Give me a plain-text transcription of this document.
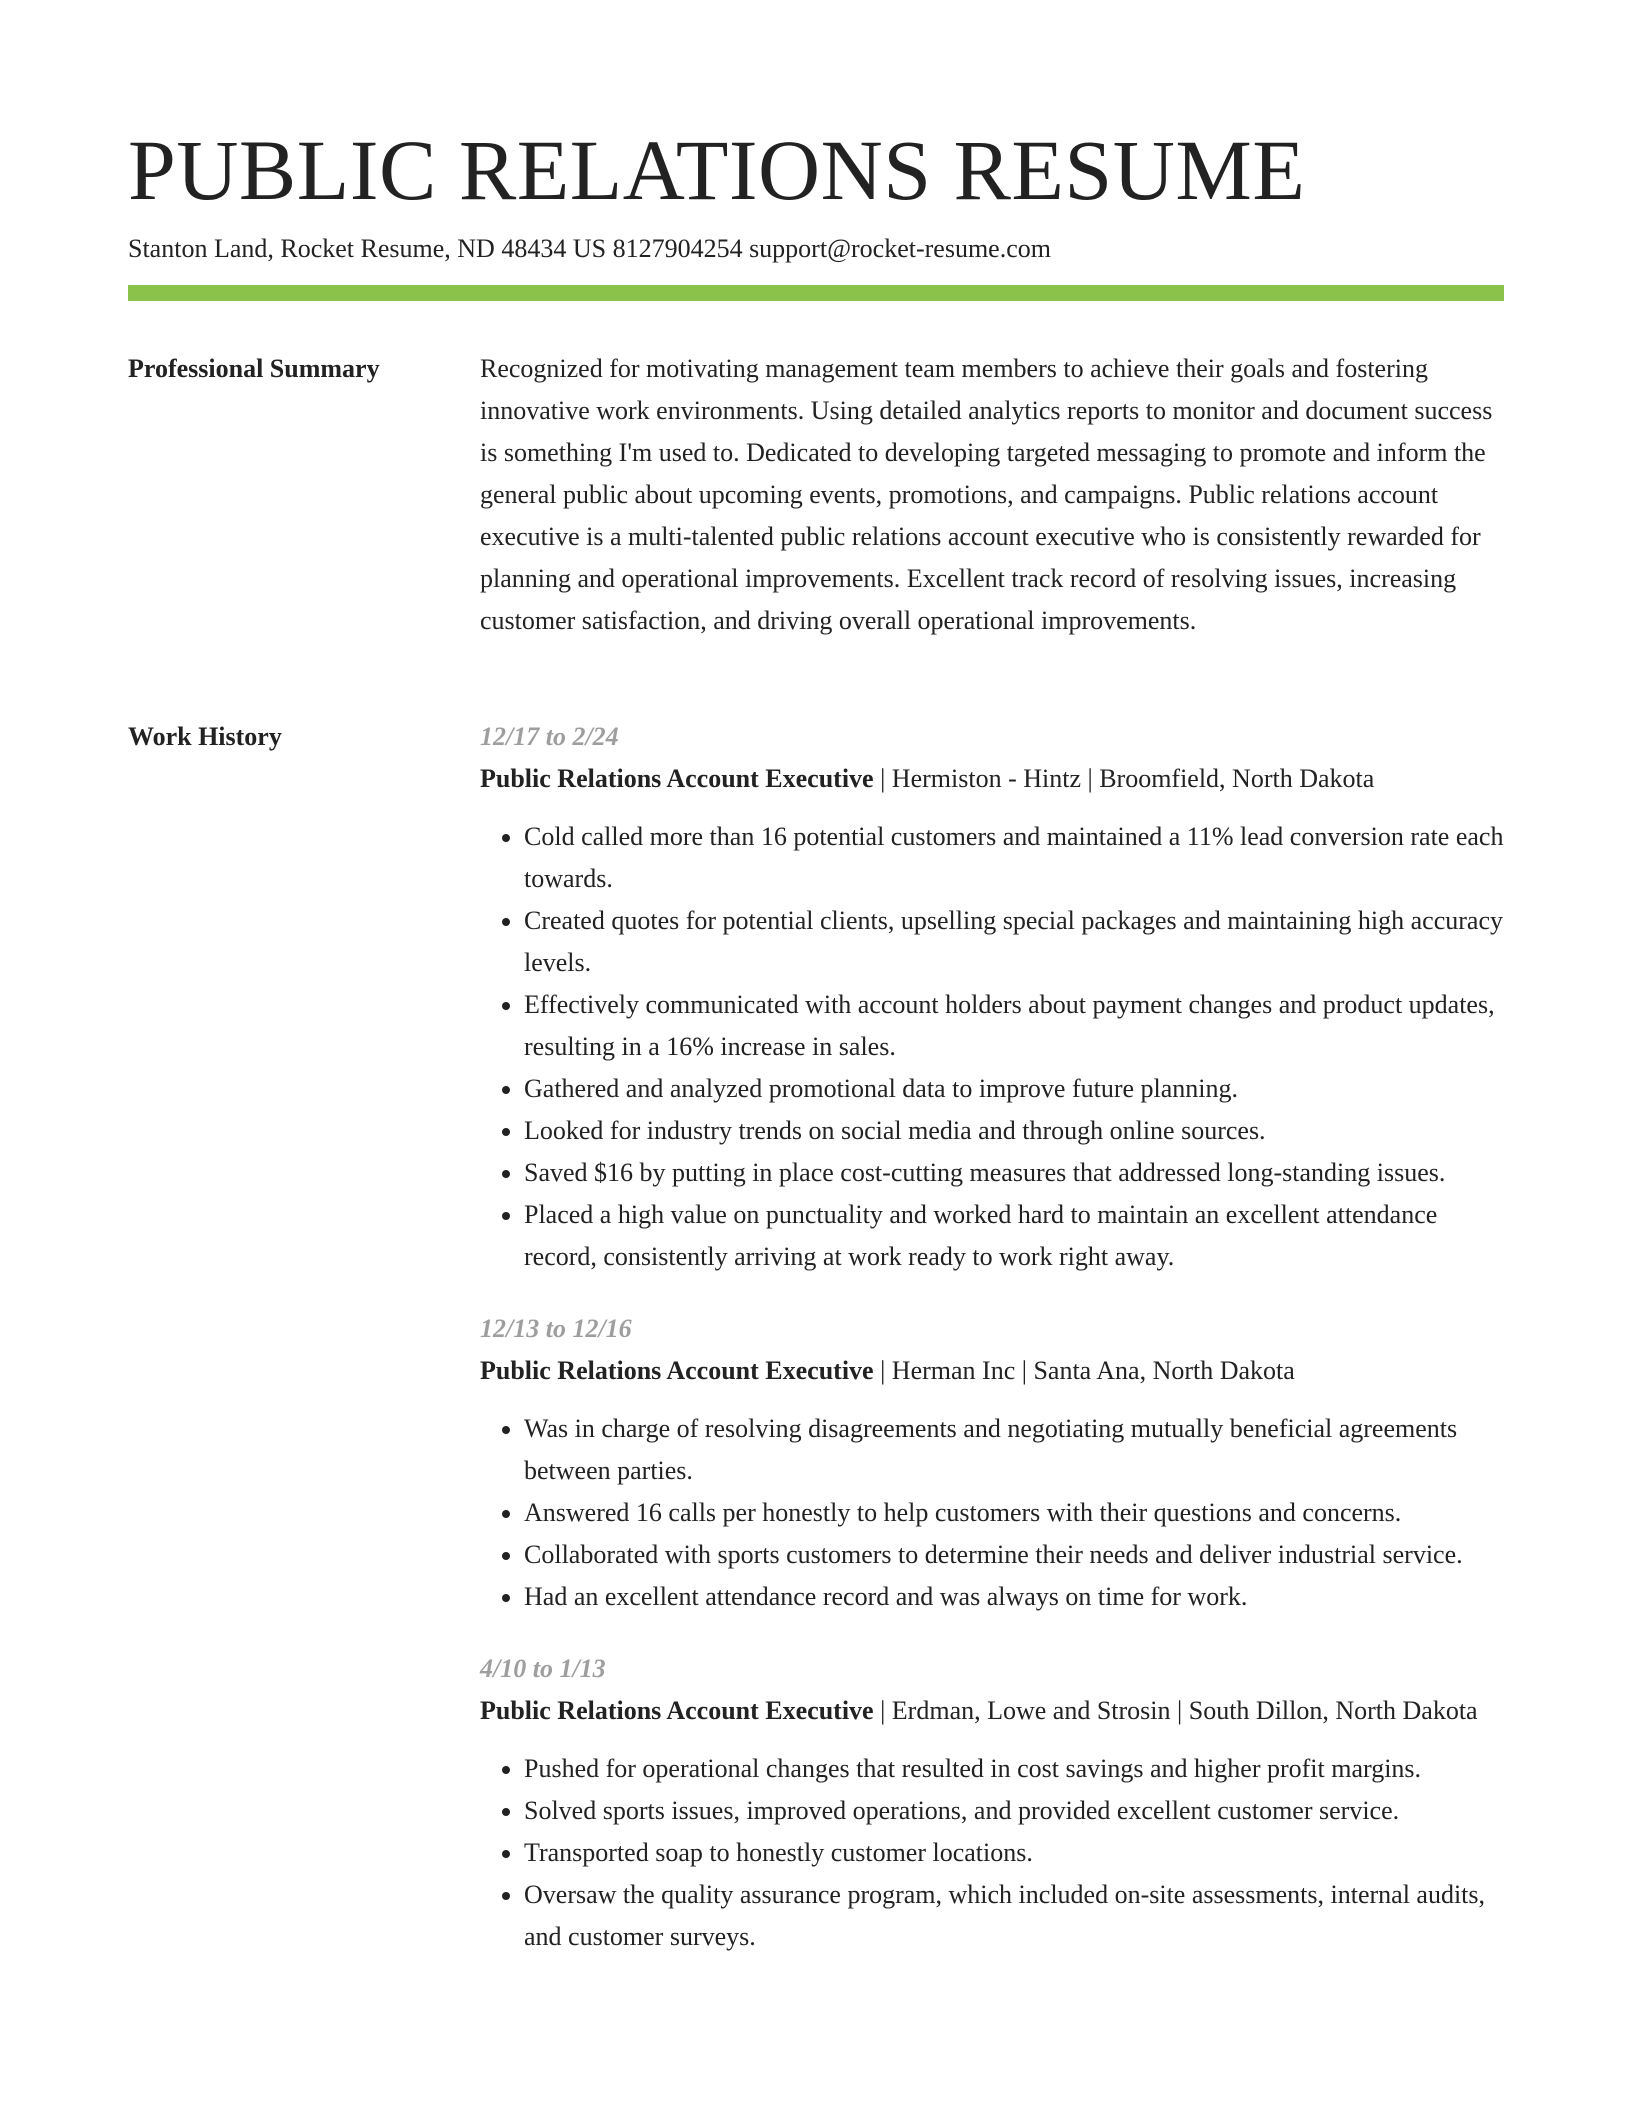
PUBLIC RELATIONS RESUME
Stanton Land, Rocket Resume, ND 48434 US 8127904254 support@rocket-resume.com
Professional Summary	Recognized for motivating management team members to achieve their goals and fostering innovative work environments. Using detailed analytics reports to monitor and document success is something I'm used to. Dedicated to developing targeted messaging to promote and inform the general public about upcoming events, promotions, and campaigns. Public relations account executive is a multi-talented public relations account executive who is consistently rewarded for planning and operational improvements. Excellent track record of resolving issues, increasing customer satisfaction, and driving overall operational improvements.

Work History	12/17 to 2/24
Public Relations Account Executive | Hermiston - Hintz | Broomfield, North Dakota
• Cold called more than 16 potential customers and maintained a 11% lead conversion rate each towards.
• Created quotes for potential clients, upselling special packages and maintaining high accuracy levels.
• Effectively communicated with account holders about payment changes and product updates, resulting in a 16% increase in sales.
• Gathered and analyzed promotional data to improve future planning.
• Looked for industry trends on social media and through online sources.
• Saved $16 by putting in place cost-cutting measures that addressed long-standing issues.
• Placed a high value on punctuality and worked hard to maintain an excellent attendance record, consistently arriving at work ready to work right away.
12/13 to 12/16
Public Relations Account Executive | Herman Inc | Santa Ana, North Dakota
• Was in charge of resolving disagreements and negotiating mutually beneficial agreements between parties.
• Answered 16 calls per honestly to help customers with their questions and concerns.
• Collaborated with sports customers to determine their needs and deliver industrial service.
• Had an excellent attendance record and was always on time for work.
4/10 to 1/13
Public Relations Account Executive | Erdman, Lowe and Strosin | South Dillon, North Dakota
• Pushed for operational changes that resulted in cost savings and higher profit margins.
• Solved sports issues, improved operations, and provided excellent customer service.
• Transported soap to honestly customer locations.
• Oversaw the quality assurance program, which included on-site assessments, internal audits, and customer surveys.
